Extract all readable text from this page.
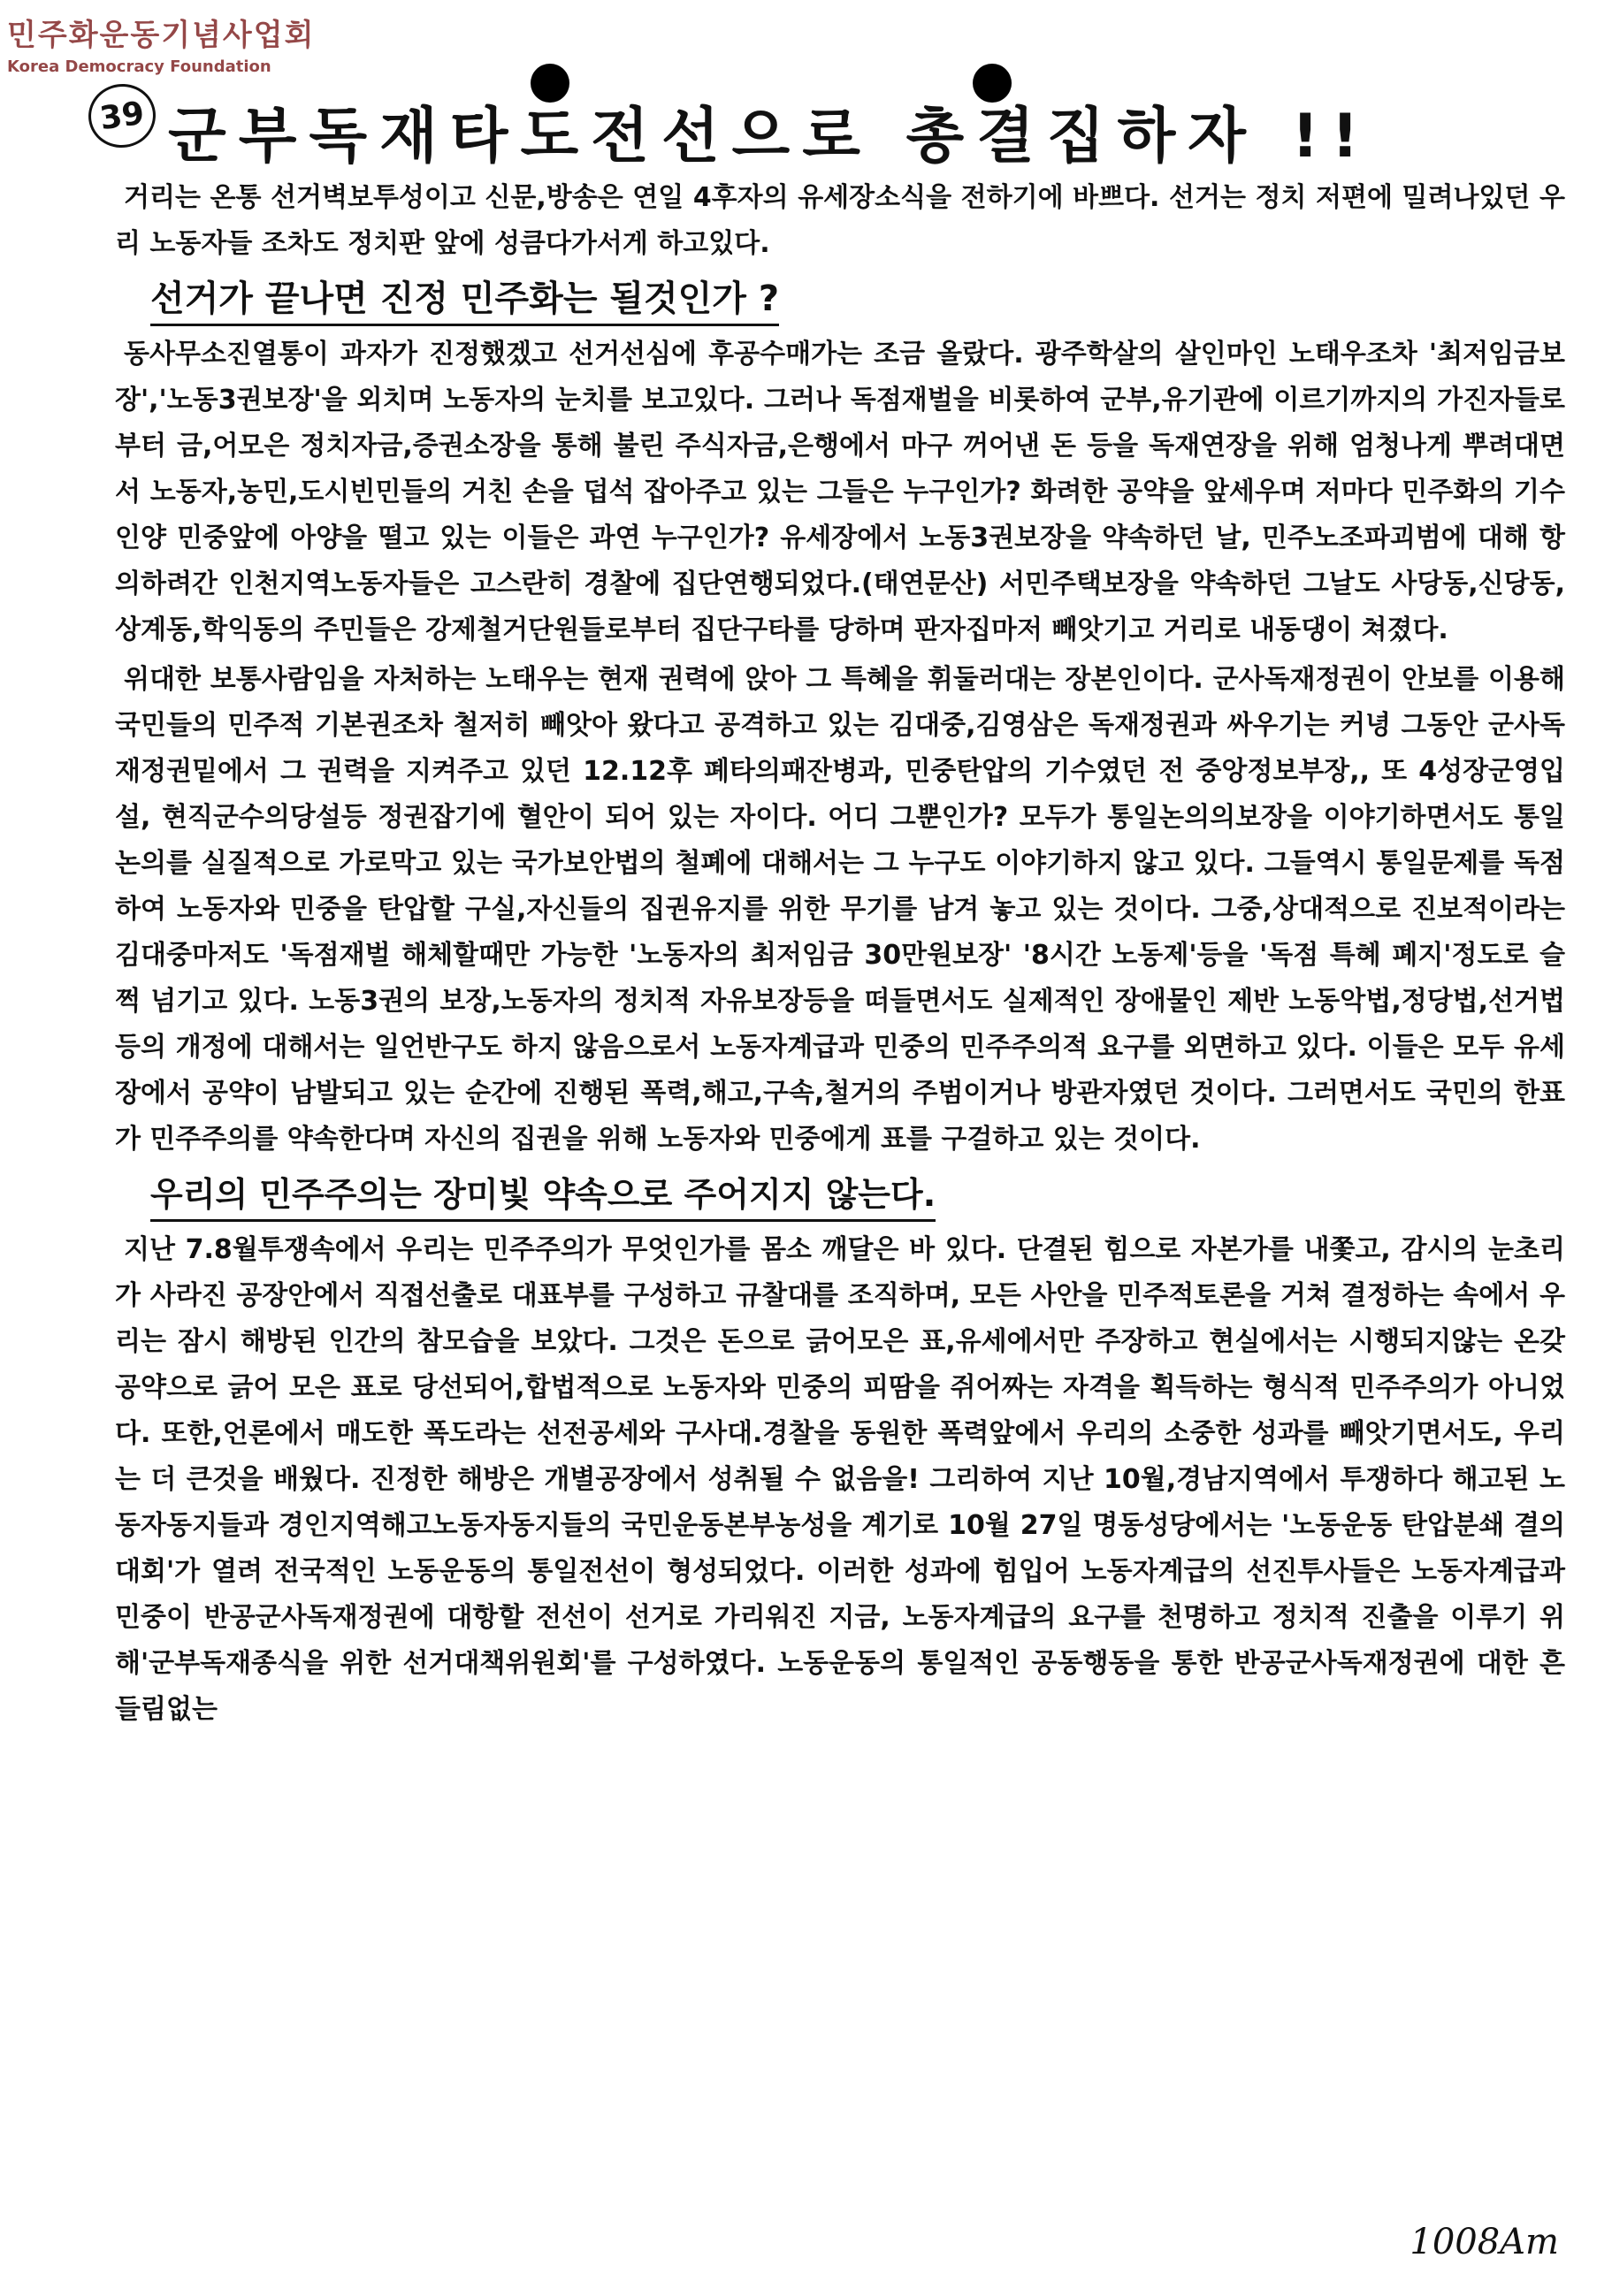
민주화운동기념사업회
Korea Democracy Foundation
39 군부독재타도전선으로 총결집하자 !!

거리는 온통 선거벽보투성이고 신문,방송은 연일 4후자의 유세장소식을 전하기에 바쁘다. 선거는 정치 저편에 밀려나있던 우리 노동자들 조차도 정치판 앞에 성큼다가서게 하고있다.

선거가 끝나면 진정 민주화는 될것인가 ?

동사무소진열통이 과자가 진정했겠고 선거선심에 후공수매가는 조금 올랐다. 광주학살의 살인마인 노태우조차 '최저임금보장','노동3권보장'을 외치며 노동자의 눈치를 보고있다. 그러나 독점재벌을 비롯하여 군부,유기관에 이르기까지의 가진자들로부터 금,어모은 정치자금,증권소장을 통해 불린 주식자금,은행에서 마구 꺼어낸 돈 등을 독재연장을 위해 엄청나게 뿌려대면서 노동자,농민,도시빈민들의 거친 손을 덥석 잡아주고 있는 그들은 누구인가? 화려한 공약을 앞세우며 저마다 민주화의 기수인양 민중앞에 아양을 떨고 있는 이들은 과연 누구인가? 유세장에서 노동3권보장을 약속하던 날, 민주노조파괴범에 대해 항의하려간 인천지역노동자들은 고스란히 경찰에 집단연행되었다.(태연문산) 서민주택보장을 약속하던 그날도 사당동,신당동,상계동,학익동의 주민들은 강제철거단원들로부터 집단구타를 당하며 판자집마저 빼앗기고 거리로 내동댕이 쳐졌다.

위대한 보통사람임을 자처하는 노태우는 현재 권력에 앉아 그 특혜을 휘둘러대는 장본인이다. 군사독재정권이 안보를 이용해 국민들의 민주적 기본권조차 철저히 빼앗아 왔다고 공격하고 있는 김대중,김영삼은 독재정권과 싸우기는 커녕 그동안 군사독재정권밑에서 그 권력을 지켜주고 있던 12.12후 폐타의패잔병과, 민중탄압의 기수였던 전 중앙정보부장,, 또 4성장군영입설, 현직군수의당설등 정권잡기에 혈안이 되어 있는 자이다. 어디 그뿐인가? 모두가 통일논의의보장을 이야기하면서도 통일논의를 실질적으로 가로막고 있는 국가보안법의 철폐에 대해서는 그 누구도 이야기하지 않고 있다. 그들역시 통일문제를 독점하여 노동자와 민중을 탄압할 구실,자신들의 집권유지를 위한 무기를 남겨 놓고 있는 것이다. 그중,상대적으로 진보적이라는 김대중마저도 '독점재벌 해체할때만 가능한 '노동자의 최저임금 30만원보장' '8시간 노동제'등을 '독점 특혜 폐지'정도로 슬쩍 넘기고 있다. 노동3권의 보장,노동자의 정치적 자유보장등을 떠들면서도 실제적인 장애물인 제반 노동악법,정당법,선거법등의 개정에 대해서는 일언반구도 하지 않음으로서 노동자계급과 민중의 민주주의적 요구를 외면하고 있다. 이들은 모두 유세장에서 공약이 남발되고 있는 순간에 진행된 폭력,해고,구속,철거의 주범이거나 방관자였던 것이다. 그러면서도 국민의 한표가 민주주의를 약속한다며 자신의 집권을 위해 노동자와 민중에게 표를 구걸하고 있는 것이다.

우리의 민주주의는 장미빛 약속으로 주어지지 않는다.

지난 7.8월투쟁속에서 우리는 민주주의가 무엇인가를 몸소 깨달은 바 있다. 단결된 힘으로 자본가를 내쫓고, 감시의 눈초리가 사라진 공장안에서 직접선출로 대표부를 구성하고 규찰대를 조직하며, 모든 사안을 민주적토론을 거쳐 결정하는 속에서 우리는 잠시 해방된 인간의 참모습을 보았다. 그것은 돈으로 긁어모은 표,유세에서만 주장하고 현실에서는 시행되지않는 온갖 공약으로 긁어 모은 표로 당선되어,합법적으로 노동자와 민중의 피땀을 쥐어짜는 자격을 획득하는 형식적 민주주의가 아니었다. 또한,언론에서 매도한 폭도라는 선전공세와 구사대.경찰을 동원한 폭력앞에서 우리의 소중한 성과를 빼앗기면서도, 우리는 더 큰것을 배웠다. 진정한 해방은 개별공장에서 성취될 수 없음을! 그리하여 지난 10월,경남지역에서 투쟁하다 해고된 노동자동지들과 경인지역해고노동자동지들의 국민운동본부농성을 계기로 10월 27일 명동성당에서는 '노동운동 탄압분쇄 결의대회'가 열려 전국적인 노동운동의 통일전선이 형성되었다. 이러한 성과에 힘입어 노동자계급의 선진투사들은 노동자계급과 민중이 반공군사독재정권에 대항할 전선이 선거로 가리워진 지금, 노동자계급의 요구를 천명하고 정치적 진출을 이루기 위해'군부독재종식을 위한 선거대책위원회'를 구성하였다. 노동운동의 통일적인 공동행동을 통한 반공군사독재정권에 대한 흔들림없는

1008Am
